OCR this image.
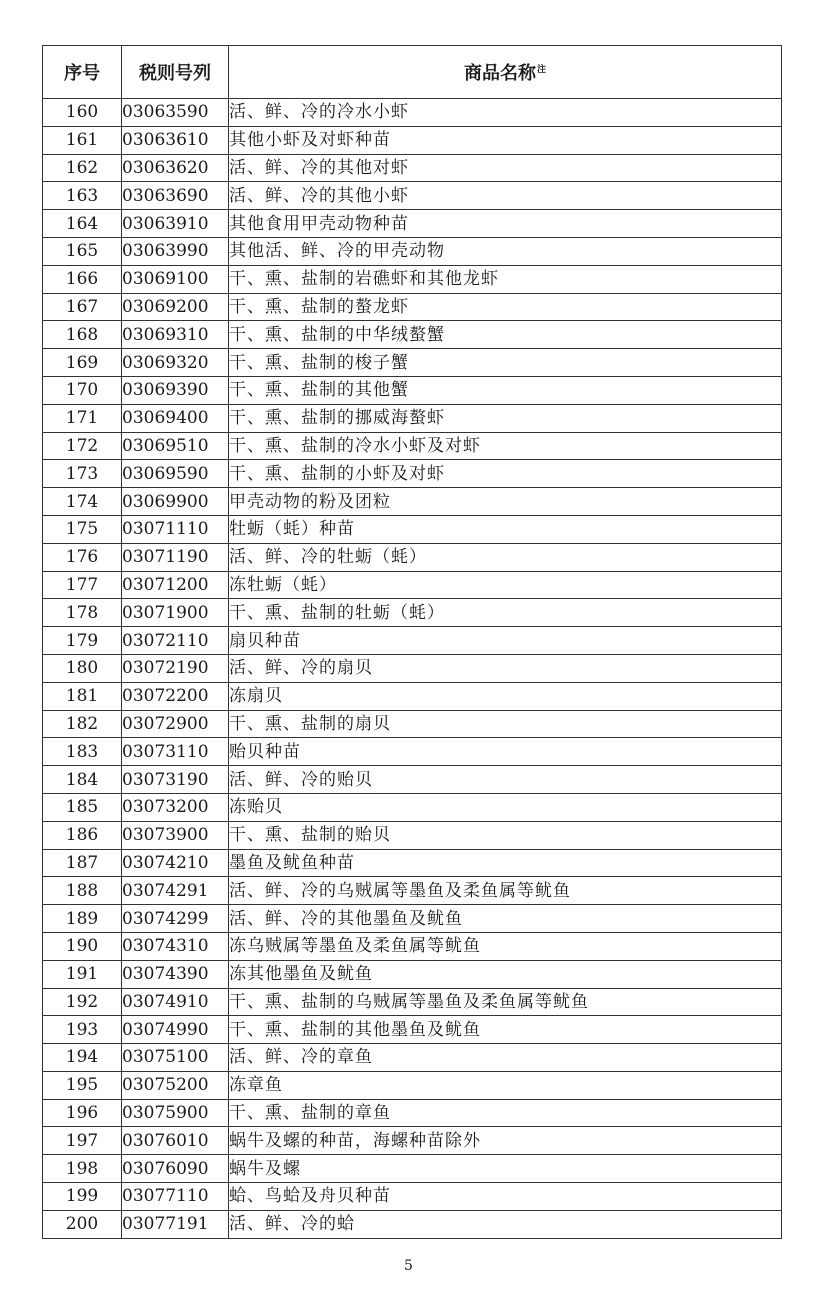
序号	税则号列	商品名称$^注$
160	03063590	活、鲜、冷的冷水小虾
161	03063610	其他小虾及对虾种苗
162	03063620	活、鲜、冷的其他对虾
163	03063690	活、鲜、冷的其他小虾
164	03063910	其他食用甲壳动物种苗
165	03063990	其他活、鲜、冷的甲壳动物
166	03069100	干、熏、盐制的岩礁虾和其他龙虾
167	03069200	干、熏、盐制的螯龙虾
168	03069310	干、熏、盐制的中华绒螯蟹
169	03069320	干、熏、盐制的梭子蟹
170	03069390	干、熏、盐制的其他蟹
171	03069400	干、熏、盐制的挪威海螯虾
172	03069510	干、熏、盐制的冷水小虾及对虾
173	03069590	干、熏、盐制的小虾及对虾
174	03069900	甲壳动物的粉及团粒
175	03071110	牡蛎（蚝）种苗
176	03071190	活、鲜、冷的牡蛎（蚝）
177	03071200	冻牡蛎（蚝）
178	03071900	干、熏、盐制的牡蛎（蚝）
179	03072110	扇贝种苗
180	03072190	活、鲜、冷的扇贝
181	03072200	冻扇贝
182	03072900	干、熏、盐制的扇贝
183	03073110	贻贝种苗
184	03073190	活、鲜、冷的贻贝
185	03073200	冻贻贝
186	03073900	干、熏、盐制的贻贝
187	03074210	墨鱼及鱿鱼种苗
188	03074291	活、鲜、冷的乌贼属等墨鱼及柔鱼属等鱿鱼
189	03074299	活、鲜、冷的其他墨鱼及鱿鱼
190	03074310	冻乌贼属等墨鱼及柔鱼属等鱿鱼
191	03074390	冻其他墨鱼及鱿鱼
192	03074910	干、熏、盐制的乌贼属等墨鱼及柔鱼属等鱿鱼
193	03074990	干、熏、盐制的其他墨鱼及鱿鱼
194	03075100	活、鲜、冷的章鱼
195	03075200	冻章鱼
196	03075900	干、熏、盐制的章鱼
197	03076010	蜗牛及螺的种苗，海螺种苗除外
198	03076090	蜗牛及螺
199	03077110	蛤、鸟蛤及舟贝种苗
200	03077191	活、鲜、冷的蛤
5
